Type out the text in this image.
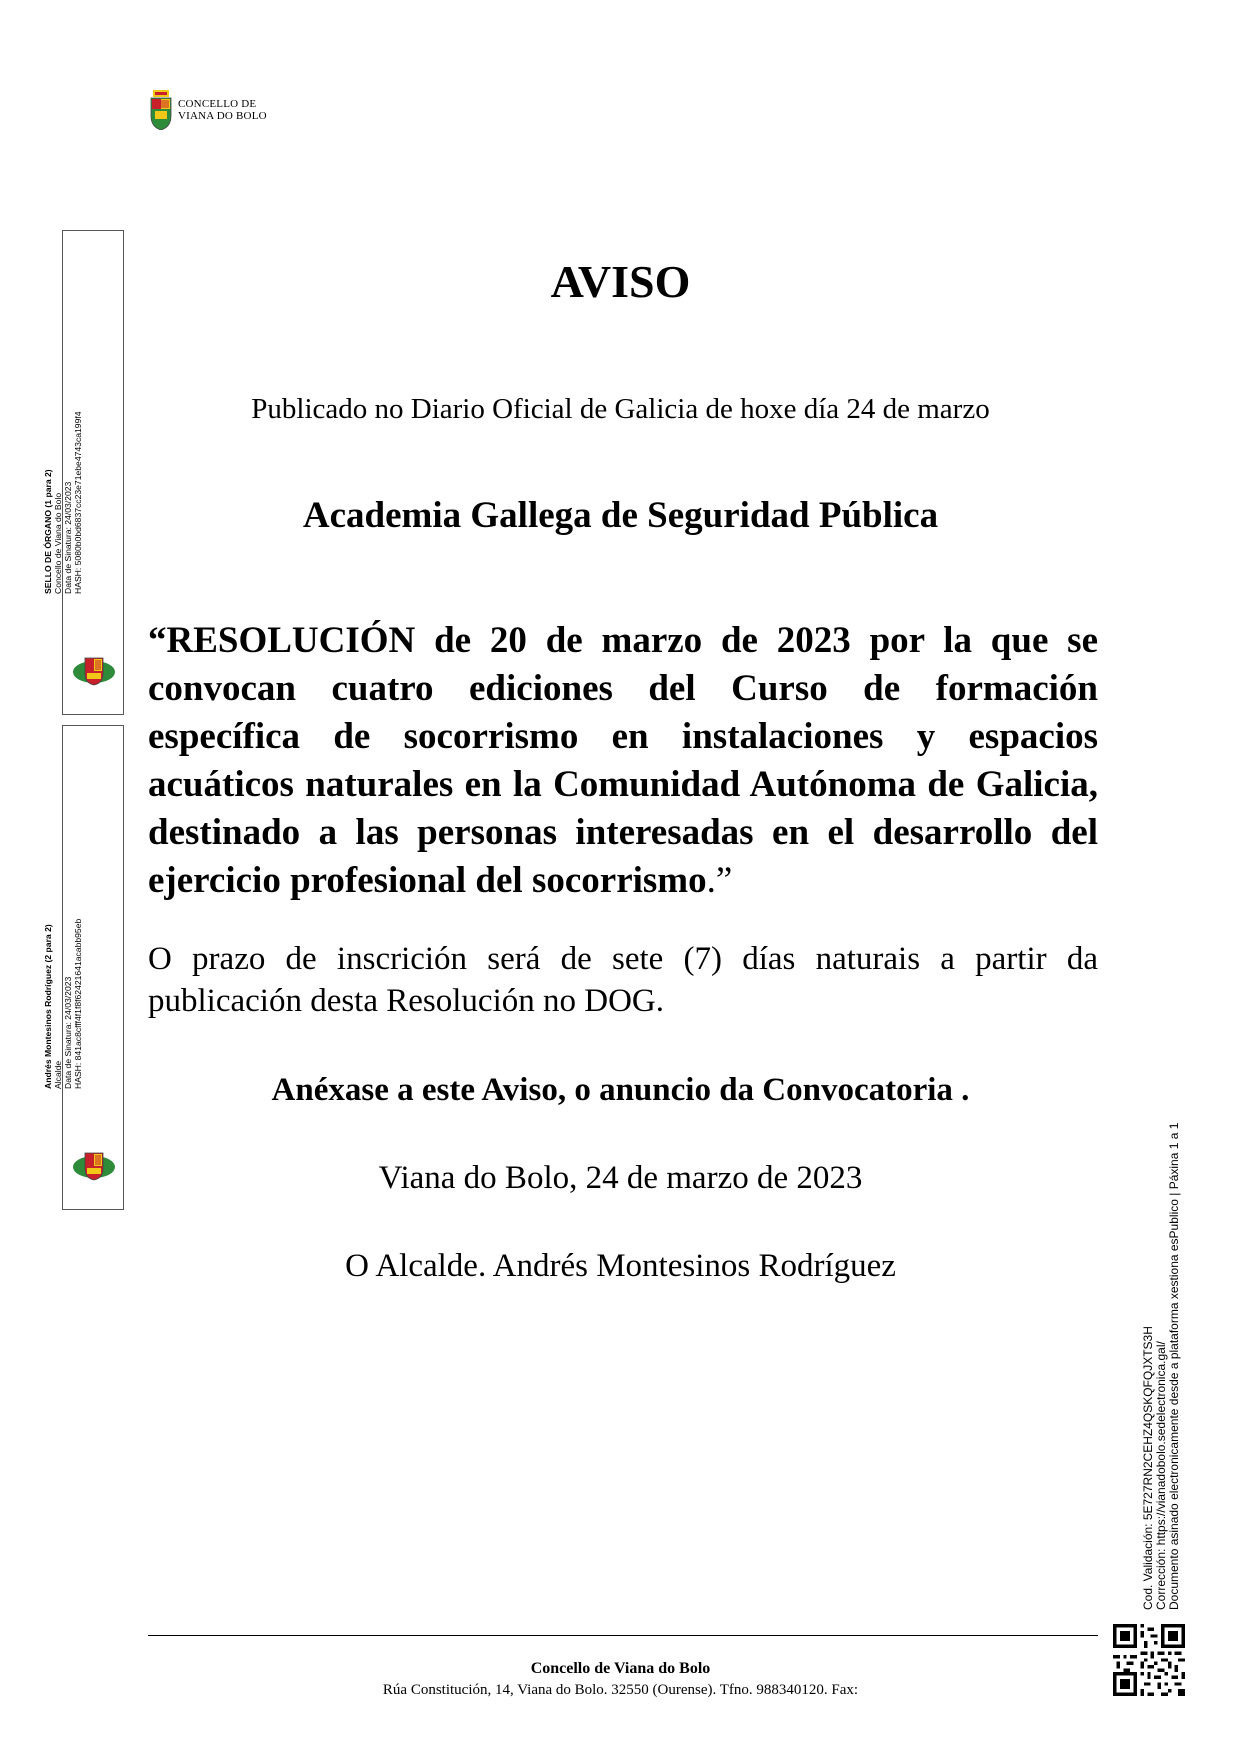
CONCELLO DE
VIANA DO BOLO
SELLO DE ÓRGANO (1 para 2) Concello de Viana do Bolo Data de Sinatura: 24/03/2023 HASH: 5080b0bd6837cc23e71ebe4743ca199f4
Andrés Montesinos Rodríguez (2 para 2) Alcalde Data de Sinatura: 24/03/2023 HASH: 841ac8cfff4f1f8f62421641acabb95eb
AVISO
Publicado no Diario Oficial de Galicia de hoxe día 24 de marzo
Academia Gallega de Seguridad Pública
“RESOLUCIÓN de 20 de marzo de 2023 por la que se convocan cuatro ediciones del Curso de formación específica de socorrismo en instalaciones y espacios acuáticos naturales en la Comunidad Autónoma de Galicia, destinado a las personas interesadas en el desarrollo del ejercicio profesional del socorrismo.”
O prazo de inscrición será de sete (7) días naturais a partir da publicación desta Resolución no DOG.
Anéxase a este Aviso, o anuncio da Convocatoria .
Viana do Bolo, 24 de marzo de 2023
O Alcalde. Andrés Montesinos Rodríguez
Concello de Viana do Bolo
Rúa Constitución, 14, Viana do Bolo. 32550 (Ourense). Tfno. 988340120. Fax:
Cod. Validación: 5E727RN2CEHZ4QSKQFQJXTS3H Corrección: https://vianadobolo.sedelectronica.gal/ Documento asinado electronicamente desde a plataforma xestiona esPublico | Páxina 1 a 1
